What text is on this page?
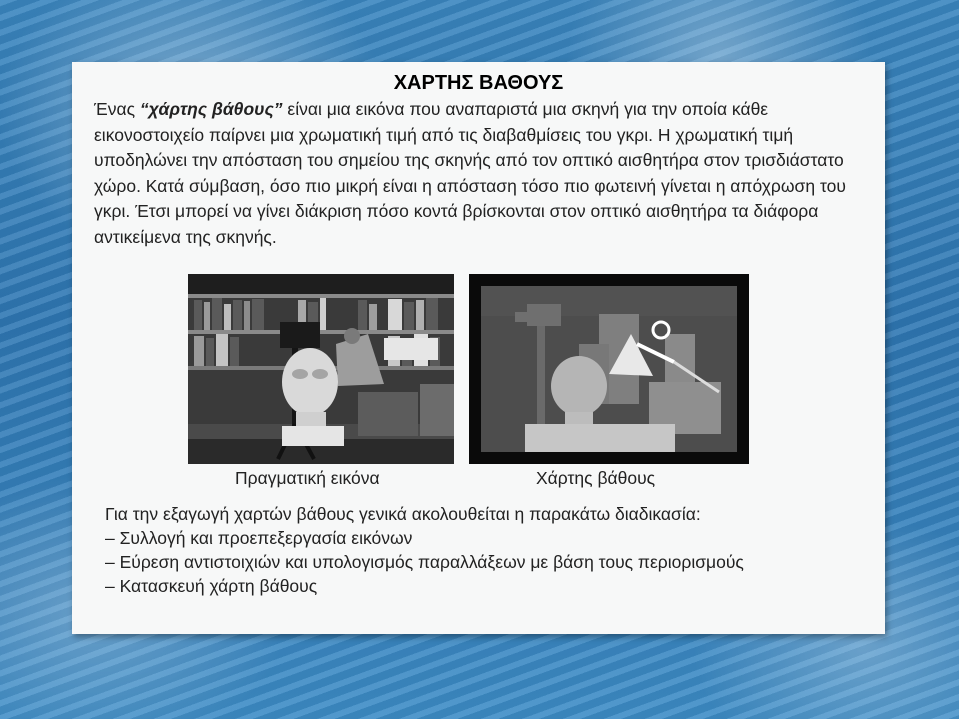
ΧΑΡΤΗΣ ΒΑΘΟΥΣ

Ένας “χάρτης βάθους” είναι μια εικόνα που αναπαριστά μια σκηνή για την οποία κάθε εικονοστοιχείο παίρνει μια χρωματική τιμή από τις διαβαθμίσεις του γκρι. Η χρωματική τιμή υποδηλώνει την απόσταση του σημείου της σκηνής από τον οπτικό αισθητήρα στον τρισδιάστατο χώρο. Κατά σύμβαση, όσο πιο μικρή είναι η απόσταση τόσο πιο φωτεινή γίνεται η απόχρωση του γκρι. Έτσι μπορεί να γίνει διάκριση πόσο κοντά βρίσκονται στον οπτικό αισθητήρα τα διάφορα αντικείμενα της σκηνής.

Πραγματική εικόνα	Χάρτης βάθους

Για την εξαγωγή χαρτών βάθους γενικά ακολουθείται η παρακάτω διαδικασία:
– Συλλογή και προεπεξεργασία εικόνων
– Εύρεση αντιστοιχιών και υπολογισμός παραλλάξεων με βάση τους περιορισμούς
– Κατασκευή χάρτη βάθους
